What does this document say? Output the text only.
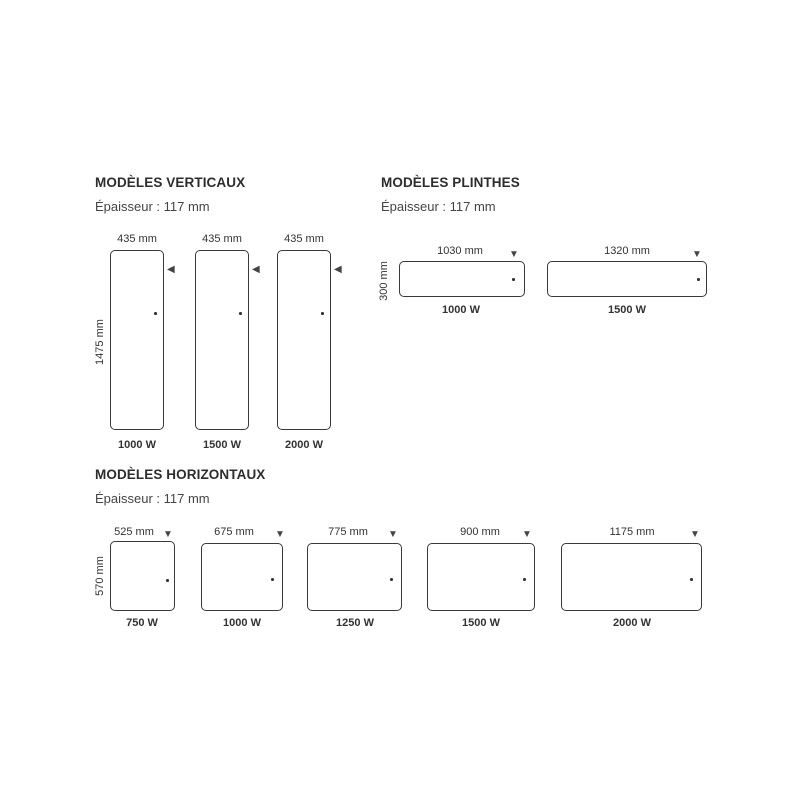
MODÈLES VERTICAUX
Épaisseur : 117 mm
1475 mm
435 mm
◀
1000 W
435 mm
◀
1500 W
435 mm
◀
2000 W
MODÈLES PLINTHES
Épaisseur : 117 mm
300 mm
1030 mm	▼
1000 W
1320 mm	▼
1500 W
MODÈLES HORIZONTAUX
Épaisseur : 117 mm
570 mm
525 mm ▼
750 W
675 mm ▼
1000 W
775 mm ▼
1250 W
900 mm ▼
1500 W
1175 mm	▼
2000 W
